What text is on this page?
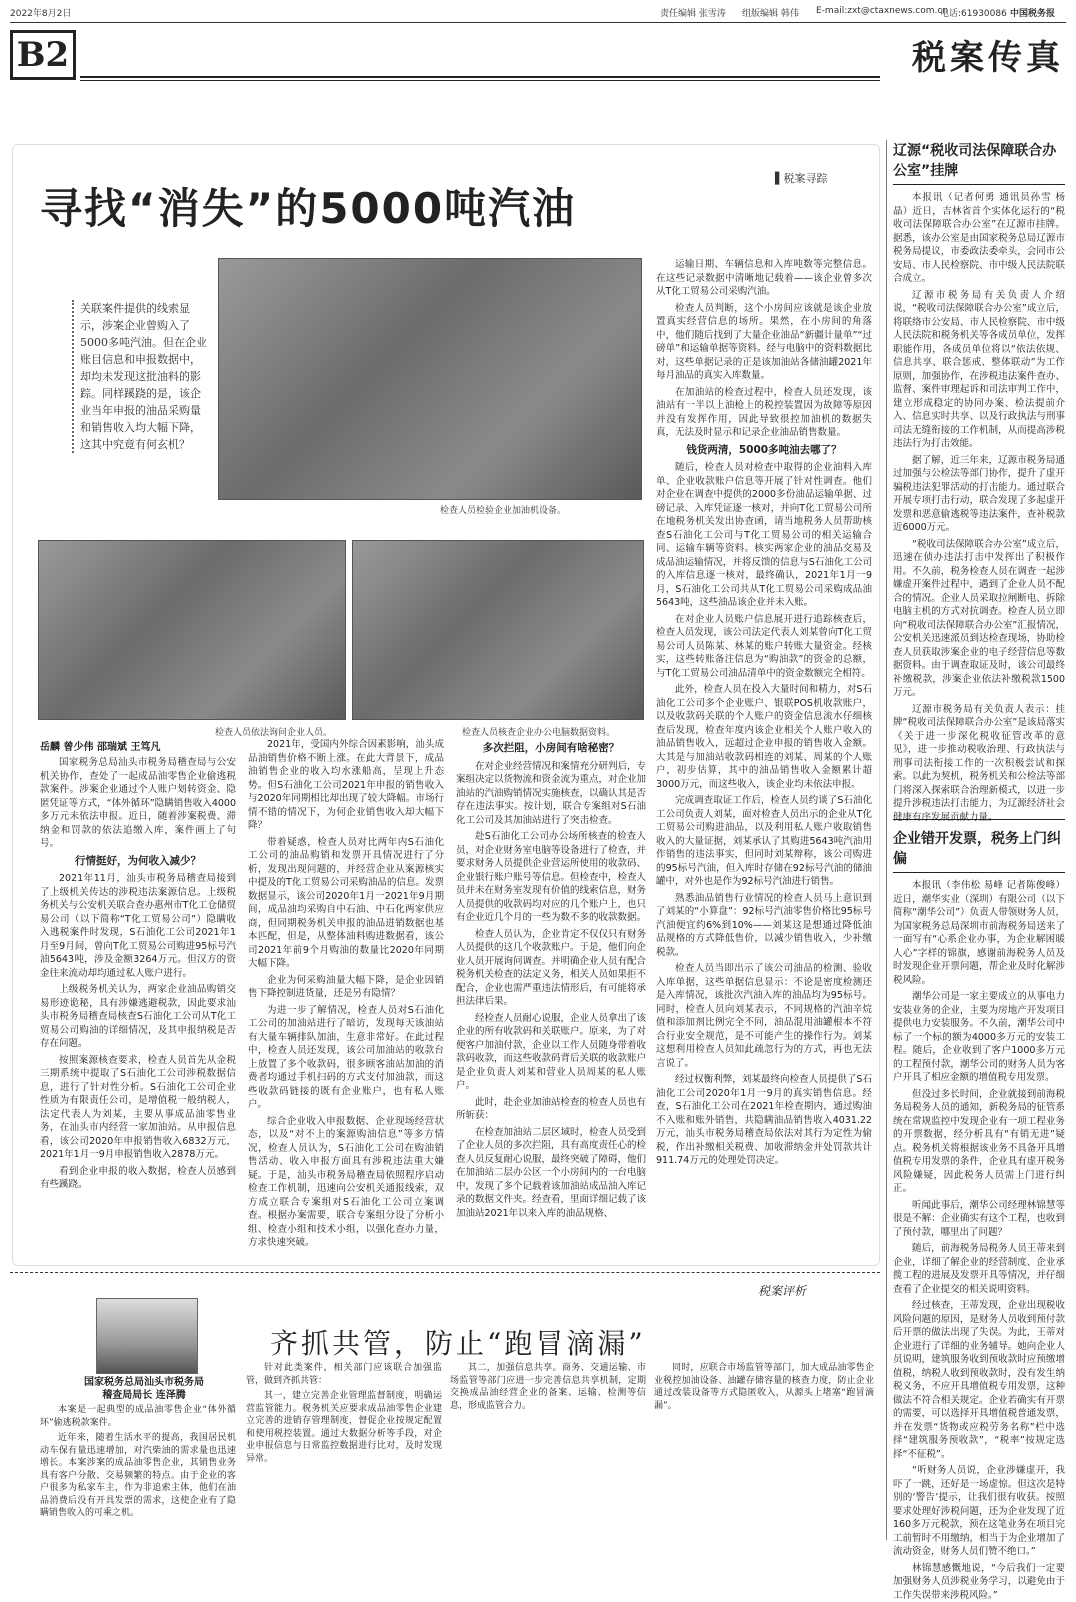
2022年8月2日	责任编辑 张雪涛 组版编辑 韩伟 E-mail:zxt@ctaxnews.com.cn
电话:61930086 中国税务报
B2	税案传真
▌税案寻踪
寻找“消失”的5000吨汽油
关联案件提供的线索显示，涉案企业曾购入了5000多吨汽油。但在企业账目信息和申报数据中，却均未发现这批油料的影踪。同样蹊跷的是，该企业当年申报的油品采购量和销售收入均大幅下降，这其中究竟有何玄机？
检查人员检验企业加油机设备。
检查人员依法询问企业人员。	检查人员核查企业办公电脑数据资料。
岳麟 曾少伟 邵瑞斌 王笃凡

国家税务总局汕头市税务局稽查局与公安机关协作，查处了一起成品油零售企业偷逃税款案件。涉案企业通过个人账户划转资金、隐匿凭证等方式，“体外循环”隐瞒销售收入4000多万元未依法申报。近日，随着涉案税费、滞纳金和罚款的依法追缴入库，案件画上了句号。

行情挺好，为何收入减少？

2021年11月，汕头市税务局稽查局接到了上级机关传达的涉税违法案源信息。上级税务机关与公安机关联合查办惠州市T化工仓储贸易公司（以下简称“T化工贸易公司”）隐瞒收入逃税案件时发现，S石油化工公司2021年1月至9月间，曾向T化工贸易公司购进95标号汽油5643吨，涉及金额3264万元。但汉方的资金往来流动却均通过私人账户进行。

上级税务机关认为，两家企业油品购销交易形迹诡秘，具有涉嫌逃避税款，因此要求汕头市税务局稽查局核查S石油化工公司从T化工贸易公司购油的详细情况，及其申报纳税是否存在问题。

按照案源核查要求，检查人员首先从金税三期系统中提取了S石油化工公司涉税数据信息，进行了针对性分析。S石油化工公司企业性质为有限责任公司，是增值税一般纳税人，法定代表人为刘某，主要从事成品油零售业务，在汕头市内经营一家加油站。从申报信息看，该公司2020年申报销售收入6832万元，2021年1月一9月申报销售收入2878万元。

看到企业申报的收入数据，检查人员感到有些蹊跷。

2021年，受国内外综合因素影响，汕头成品油销售价格不断上涨。在此大背景下，成品油销售企业的收入均水涨船高，呈现上升态势。但S石油化工公司2021年申报的销售收入与2020年同期相比却出现了较大降幅。市场行情不错的情况下，为何企业销售收入却大幅下降？

带着疑惑，检查人员对比两年内S石油化工公司的油品购销和发票开具情况进行了分析，发现出现问题的，并经营企业从案源核实中提及的T化工贸易公司采购油品的信息。发票数据显示，该公司2020年1月一2021年9月期间，成品油均采购自中石油、中石化两家供应商，但同期税务机关申报的油品进销数据也基本匹配，但是，从整体油料购进数据看，该公司2021年前9个月购油的数量比2020年同期大幅下降。

企业为何采购油量大幅下降，是企业因销售下降控制进货量，还是另有隐情？

为进一步了解情况，检查人员对S石油化工公司的加油站进行了暗访，发现每天该油站有大量车辆排队加油，生意非常好。在此过程中，检查人员还发现，该公司加油站的收款台上放置了多个收款码，很多顾客油站加油的消费者均通过手机扫码的方式支付加油款，而这些收款码链接的既有企业账户，也有私人账户。

综合企业收入申报数据、企业现场经营状态，以及“对不上的案源购油信息”等多方情况，检查人员认为，S石油化工公司在购油销售活动、收入申报方面具有涉税违法重大嫌疑。于是，汕头市税务局稽查局依照程序启动检查工作机制，迅速向公安机关通报线索，双方成立联合专案组对S石油化工公司立案调查。根据办案需要，联合专案组分设了分析小组、检查小组和技术小组，以强化查办力量，方求快速突破。

多次拦阻，小房间有啥秘密？

在对企业经营情况和案情充分研判后，专案组决定以货物流和资金流为重点，对企业加油站的汽油购销情况实施核查，以确认其是否存在违法事实。按计划，联合专案组对S石油化工公司及其加油站进行了突击检查。

赴S石油化工公司办公场所核查的检查人员，对企业财务室电脑等设备进行了检查，并要求财务人员提供企业营运所使用的收款码、企业银行账户账号等信息。但检查中，检查人员并未在财务室发现有价值的线索信息，财务人员提供的收款码均对应的几个账户上，也只有企业近几个月的一些为数不多的收款数据。

检查人员认为，企业肯定不仅仅只有财务人员提供的这几个收款账户。于是，他们向企业人员开展询问调查。并明确企业人员有配合税务机关检查的法定义务，相关人员如果拒不配合，企业也需严重违法情形后，有可能将承担法律后果。

经检查人员耐心说服，企业人员拿出了该企业的所有收款码和关联账户。原来，为了对便客户加油付款，企业以工作人员随身带着收款码收款，而这些收款码背后关联的收款账户是企业负责人刘某和营业人员周某的私人账户。

此时，赴企业加油站检查的检查人员也有所斩获：

在检查加油站二层区域时，检查人员受到了企业人员的多次拦阻，具有高度责任心的检查人员反复耐心说服，最终突破了障碍，他们在加油站二层办公区一个小房间内的一台电脑中，发现了多个记载着该加油站成品油入库记录的数据文件夹。经查看，里面详细记载了该加油站2021年以来入库的油品规格、

运输日期、车辆信息和入库吨数等完整信息。在这些记录数据中清晰地记载着——该企业曾多次从T化工贸易公司采购汽油。

检查人员判断，这个小房间应该就是该企业放置真实经营信息的场所。果然，在小房间的角落中，他们随后找到了大量企业油品“新疆计量单”“过磅单”和运输单据等资料。经与电脑中的资料数据比对，这些单据记录的正是该加油站各储油罐2021年每月油品的真实入库数量。

在加油站的检查过程中，检查人员还发现，该油站有一半以上油枪上的税控装置因为故障等原因并没有发挥作用，因此导致很控加油机的数据失真，无法及时显示和记录企业油品销售数量。

钱货两清，5000多吨油去哪了？

随后，检查人员对检查中取得的企业油料入库单、企业收款账户信息等开展了针对性调查。他们对企业在调查中提供的2000多份油品运输单据、过磅记录、入库凭证逐一核对，并向T化工贸易公司所在地税务机关发出协查函，请当地税务人员帮助核查S石油化工公司与T化工贸易公司的相关运输合同、运输车辆等资料。核实两家企业的油品交易及成品油运输情况，并将反馈的信息与S石油化工公司的入库信息逐一核对，最终确认，2021年1月一9月，S石油化工公司共从T化工贸易公司采购成品油5643吨，这些油品该企业并未入账。

在对企业人员账户信息展开进行追踪核查后，检查人员发现，该公司法定代表人刘某曾向T化工贸易公司人员陈某、林某的账户转账大量资金。经核实，这些转账备注信息为“购油款”的资金的总额，与T化工贸易公司油品清单中的资金数额完全相符。

此外，检查人员在投入大量时间和精力，对S石油化工公司多个企业账户、银联POS机收款账户，以及收款码关联的个人账户的资金信息流水仔细核查后发现，检查年度内该企业相关个人账户收入的油品销售收入，远超过企业申报的销售收入金额。大其是与加油站收款码相连的刘某、周某的个人账户，初步估算，其中的油品销售收入金额累计超3000万元，而这些收入，该企业均未依法申报。

完成调查取证工作后，检查人员约谈了S石油化工公司负责人刘某，面对检查人员出示的企业从T化工贸易公司购进油品，以及利用私人账户收取销售收入的大量证据，刘某承认了其购进5643吨汽油用作销售的违法事实，但同时刘某辩称，该公司购进的95标号汽油，但入库时存储在92标号汽油的储油罐中，对外也是作为92标号汽油进行销售。

熟悉油品销售行业情况的检查人员马上意识到了刘某的“小算盘”：92标号汽油零售价格比95标号汽油便宜约6%到10%——刘某这是想通过降低油品规格的方式降低售价，以减少销售收入，少补缴税款。

检查人员当即出示了该公司油品的检测、验收入库单据，这些单据信息显示：不论是密度检测还是入库情况，该批次汽油入库的油品均为95标号。同时，检查人员向刘某表示，不同规格的汽油辛烷值和添加剂比例完全不同，油品混用油罐根本不符合行业安全规范，是不可能产生的操作行为。刘某这想利用检查人员知此疏忽行为的方式，再也无法言说了。

经过权衡利弊，刘某最终向检查人员提供了S石油化工公司2020年1月一9月的真实销售信息。经查，S石油化工公司在2021年检查期内，通过购油不入账和账外销售，共隐瞒油品销售收入4031.22万元，汕头市税务局稽查局依法对其行为定性为偷税，作出补缴相关税费、加收滞纳金并处罚款共计911.74万元的处理处罚决定。

税案评析
齐抓共管，防止“跑冒滴漏”
国家税务总局汕头市税务局
稽查局局长 连泽腾

本案是一起典型的成品油零售企业“体外循环”偷逃税款案件。

近年来，随着生活水平的提高，我国居民机动车保有量迅速增加，对汽柴油的需求量也迅速增长。本案涉案的成品油零售企业，其销售业务具有客户分散、交易频繁的特点。由于企业的客户很多为私家车主，作为非追索主体，他们在油品消费后没有开具发票的需求，这使企业有了隐瞒销售收入的可乘之机。

针对此类案件，相关部门应该联合加强监管，做到齐抓共管：

其一，建立完善企业管理监督制度，明确运营监管能力。税务机关应要求成品油零售企业建立完善的进销存管理制度，督促企业按规定配置和使用税控装置。通过大数据分析等手段，对企业申报信息与日常监控数据进行比对，及时发现异常。

其二，加强信息共享。商务、交通运输、市场监管等部门应进一步完善信息共享机制，定期交换成品油经营企业的备案、运输、检测等信息，形成监管合力。

同时，应联合市场监管等部门，加大成品油零售企业税控加油设备、油罐存储容量的核查力度，防止企业通过改装设备等方式隐匿收入，从源头上堵塞“跑冒滴漏”。

辽源“税收司法保障联合办公室”挂牌

本报讯（记者何勇 通讯员孙雪 杨晶）近日，吉林省首个实体化运行的“税收司法保障联合办公室”在辽源市挂牌。据悉，该办公室是由国家税务总局辽源市税务局提议，市委政法委牵头，会同市公安局、市人民检察院、市中级人民法院联合成立。

辽源市税务局有关负责人介绍说，“税收司法保障联合办公室”成立后，将联络市公安局、市人民检察院、市中级人民法院和税务机关等各成员单位，发挥职能作用，各成员单位将以“依法依规、信息共享、联合惩戒、整体联动”为工作原则，加强协作，在涉税违法案件查办、监督、案件审理起诉和司法审判工作中，建立形成稳定的协同办案、检法提前介入、信息实时共享、以及行政执法与刑事司法无缝衔接的工作机制，从而提高涉税违法行为打击效能。

据了解，近三年来，辽源市税务局通过加强与公检法等部门协作，提升了虚开骗税违法犯罪活动的打击能力。通过联合开展专项打击行动，联合发现了多起虚开发票和恶意偷逃税等违法案件，查补税款近6000万元。

“税收司法保障联合办公室”成立后，迅速在侦办违法打击中发挥出了积极作用。不久前，税务检查人员在调查一起涉嫌虚开案件过程中，遇到了企业人员不配合的情况。企业人员采取拉闸断电、拆除电脑主机的方式对抗调查。检查人员立即向“税收司法保障联合办公室”汇报情况，公安机关迅速派员到达检查现场，协助检查人员获取涉案企业的电子经营信息等数据资料。由于调查取证及时，该公司最终补缴税款，涉案企业依法补缴税款1500万元。

辽源市税务局有关负责人表示：挂牌“税收司法保障联合办公室”是该局落实《关于进一步深化税收征管改革的意见》，进一步推动税收治理、行政执法与刑事司法衔接工作的一次积极尝试和探索。以此为契机，税务机关和公检法等部门将深入探索联合治理新模式，以进一步提升涉税违法打击能力，为辽源经济社会健康有序发展贡献力量。

企业错开发票，税务上门纠偏

本报讯（李伟松 易峰 记者陈俊峰）近日，潮华实业（深圳）有限公司（以下简称“潮华公司”）负责人带领财务人员，为国家税务总局深圳市前海税务局送来了一面写有“心系企业办事，为企业解困暖人心”字样的锦旗，感谢前海税务人员及时发现企业开票问题，帮企业及时化解涉税风险。

潮华公司是一家主要成立的从事电力安装业务的企业，主要为房地产开发项目提供电力安装服务。不久前，潮华公司中标了一个标的额为4000多万元的安装工程。随后，企业收到了客户1000多万元的工程预付款，潮华公司的财务人员为客户开具了相应金额的增值税专用发票。

但没过多长时间，企业就接到前海税务局税务人员的通知，新税务局的征管系统在常规监控中发现企业有一项工程业务的开票数据，经分析具有“有销无进”疑点。税务机关将根据该业务不具备开具增值税专用发票的条件，企业具有虚开税务风险嫌疑，因此税务人员需上门进行纠正。

听闻此事后，潮华公司经理林锦慧等很是不解：企业确实有这个工程，也收到了预付款，哪里出了问题？

随后，前海税务局税务人员王蒂来到企业，详细了解企业的经营制度、企业承揽工程的进展及发票开具等情况，并仔细查看了企业提交的相关说明资料。

经过核查，王蒂发现，企业出现税收风险问题的原因，是财务人员收到预付款后开票的做法出现了失误。为此，王蒂对企业进行了详细的业务辅导。她向企业人员说明，建筑服务收到预收款时应预缴增值税，纳税人收到预收款时，没有发生纳税义务，不应开具增值税专用发票，这种做法不符合相关规定。企业若确实有开票的需要，可以选择开具增值税普通发票，并在发票“货物或应税劳务名称”栏中选择“建筑服务预收款”，“税率”按规定选择“不征税”。

“听财务人员说，企业涉嫌虚开，我吓了一跳，还好是一场虚惊。但这次是特别的‘警告’提示，让我们很有收获。按照要求处理好涉税问题，还为企业发现了近160多万元税款，预在这笔业务在项目完工前暂时不用缴纳，相当于为企业增加了流动资金，财务人员们赞不绝口。”

林锦慧感慨地说，“今后我们一定要加强财务人员涉税业务学习，以避免由于工作失误带来涉税风险。”
